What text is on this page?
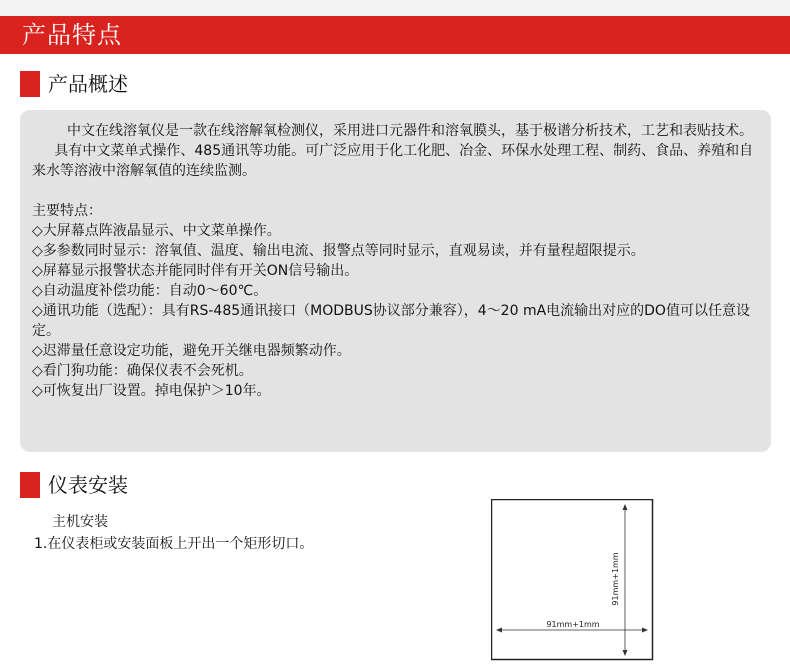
产品特点
产品概述

中文在线溶氧仪是一款在线溶解氧检测仪，采用进口元器件和溶氧膜头，基于极谱分析技术，工艺和表贴技术。

具有中文菜单式操作、485通讯等功能。可广泛应用于化工化肥、冶金、环保水处理工程、制药、食品、养殖和自来水等溶液中溶解氧值的连续监测。

主要特点：

◇大屏幕点阵液晶显示、中文菜单操作。

◇多参数同时显示：溶氧值、温度、输出电流、报警点等同时显示，直观易读，并有量程超限提示。

◇屏幕显示报警状态并能同时伴有开关ON信号输出。

◇自动温度补偿功能：自动0～60℃。

◇通讯功能（选配）：具有RS-485通讯接口（MODBUS协议部分兼容），4～20 mA电流输出对应的DO值可以任意设定。

◇迟滞量任意设定功能，避免开关继电器频繁动作。

◇看门狗功能：确保仪表不会死机。

◇可恢复出厂设置。掉电保护＞10年。

仪表安装
主机安装
1.在仪表柜或安装面板上开出一个矩形切口。
91mm+1mm
91mm+1mm
